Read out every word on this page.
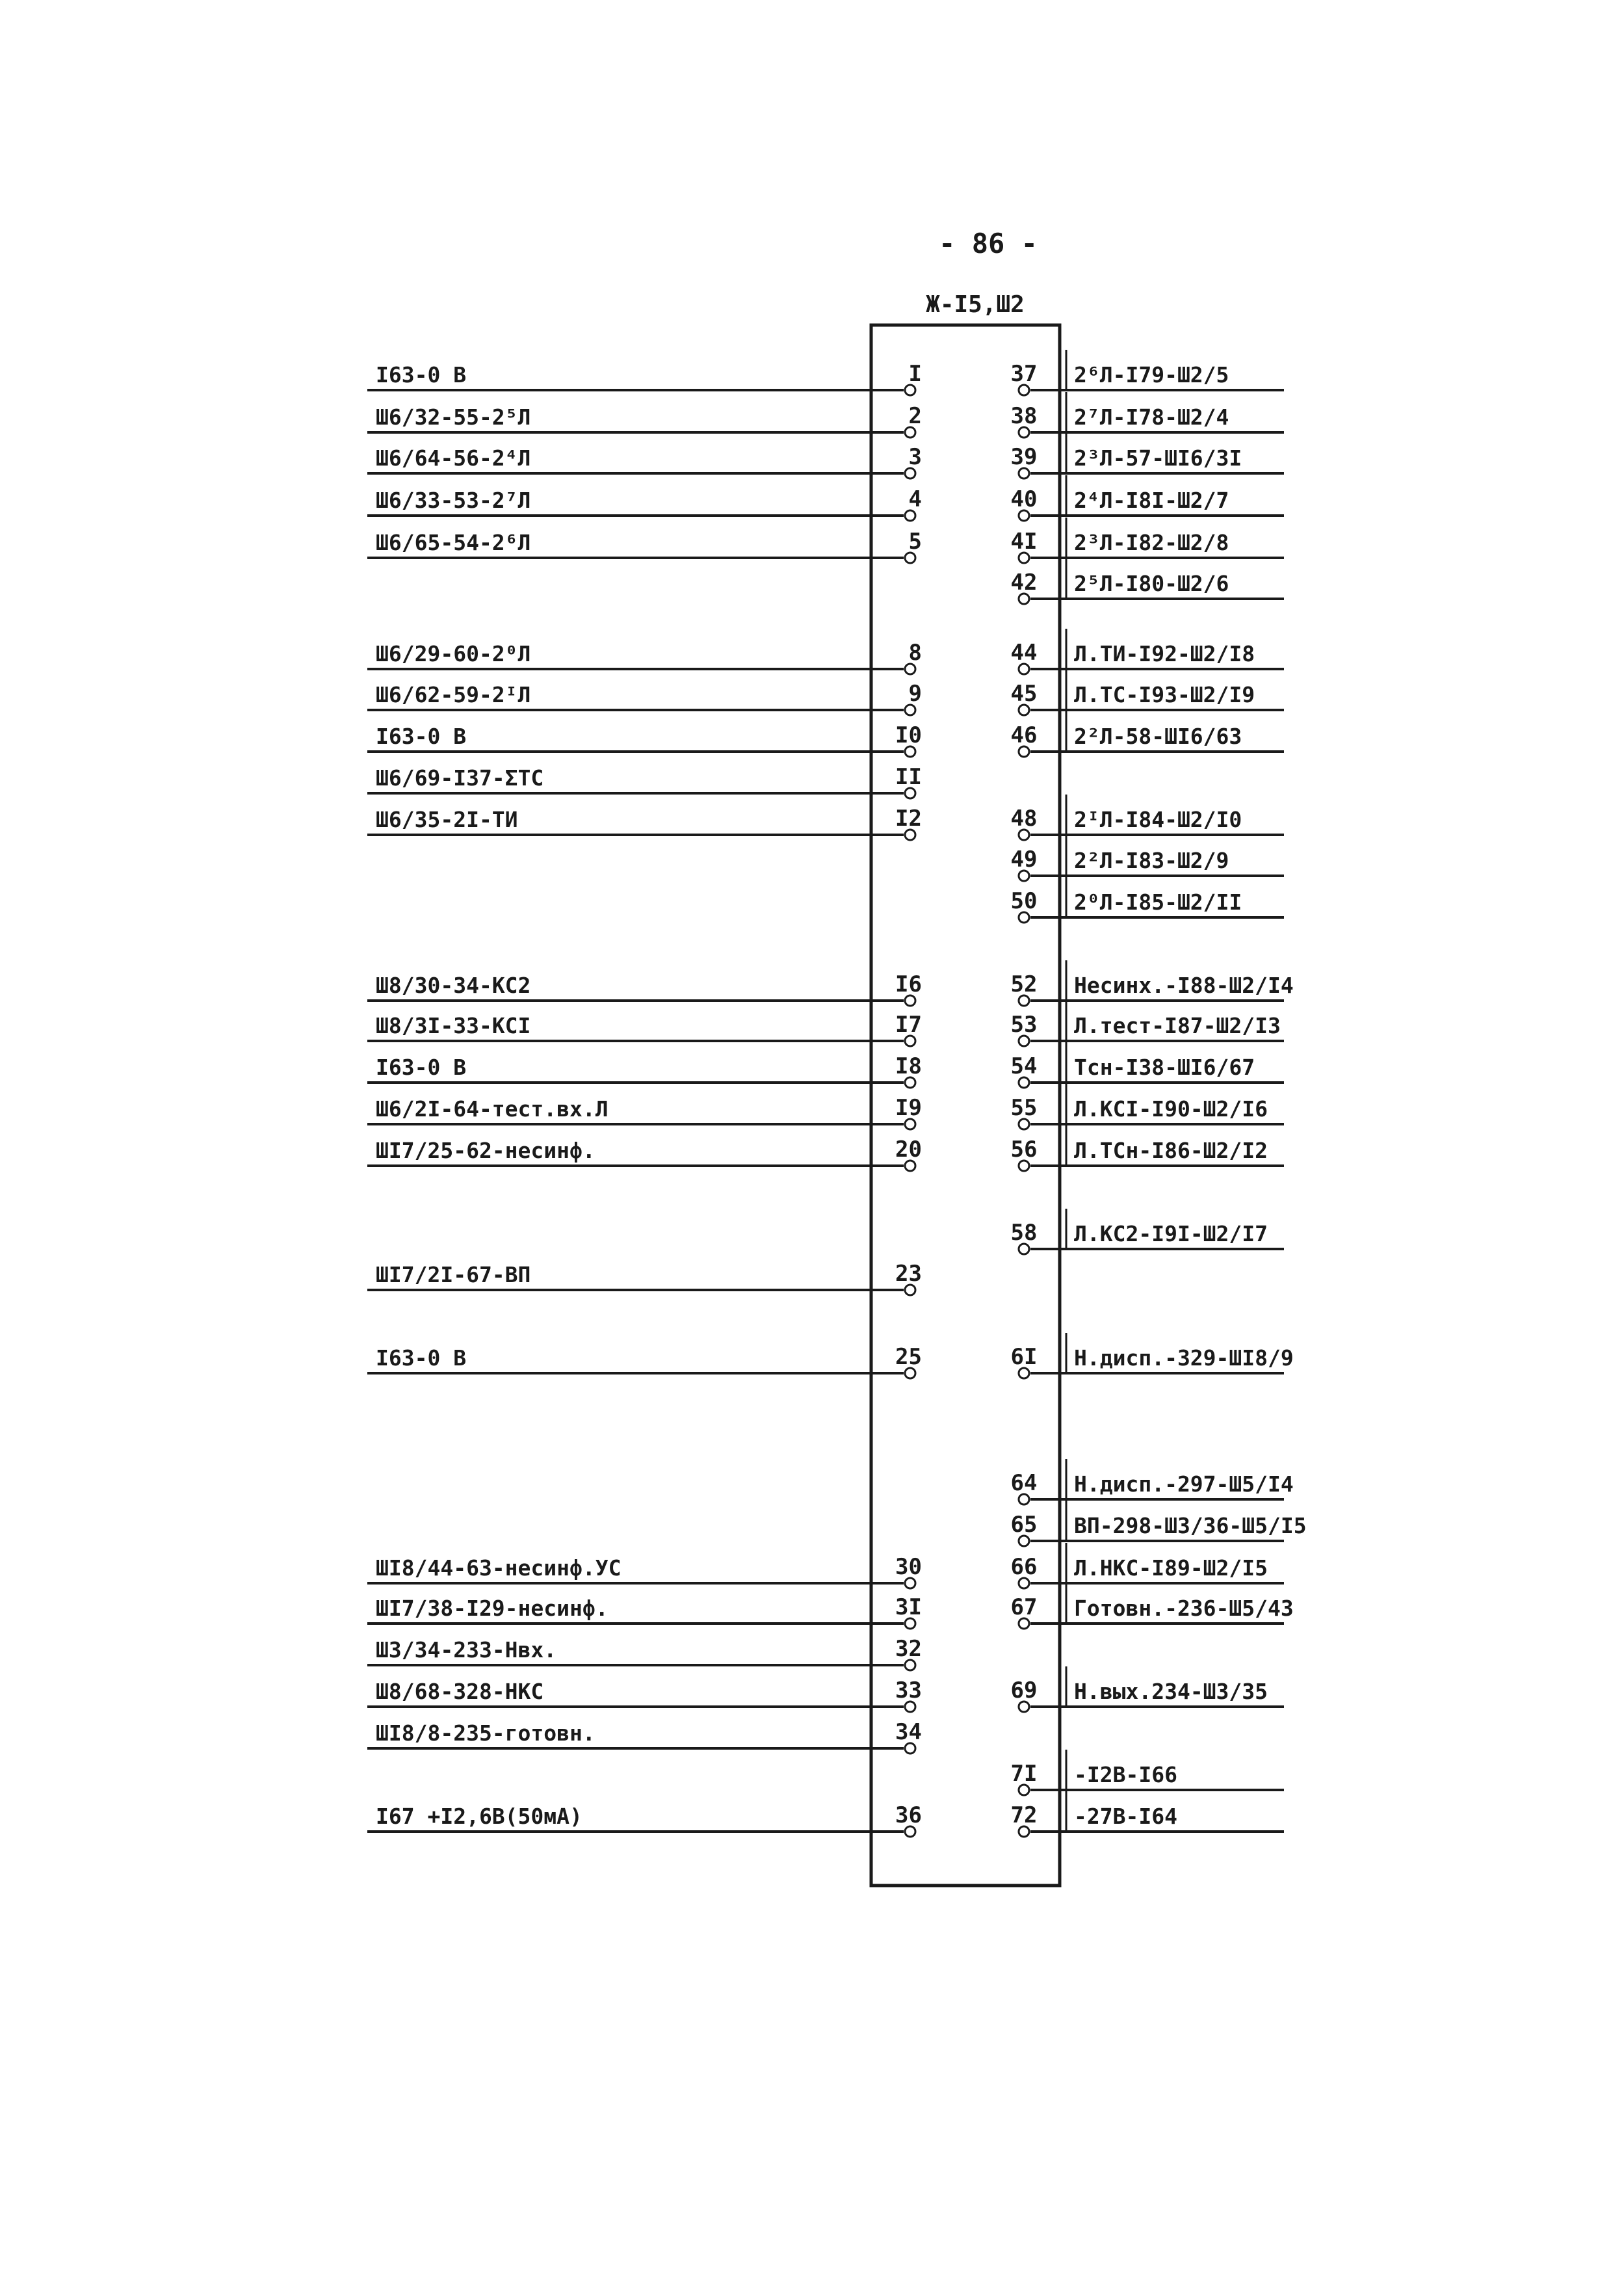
- 86 -
Ж-I5,Ш2
I63-0 B	I
Ш6/32-55-2⁵Л	2
Ш6/64-56-2⁴Л	3
Ш6/33-53-2⁷Л	4
Ш6/65-54-2⁶Л	5
Ш6/29-60-2⁰Л	8
Ш6/62-59-2ᴵЛ	9
I63-0 B	I0
Ш6/69-I37-ΣТС	II
Ш6/35-2I-ТИ	I2
Ш8/30-34-КС2	I6
Ш8/3I-33-КСI	I7
I63-0 B	I8
Ш6/2I-64-тест.вх.Л	I9
ШI7/25-62-несинф.	20
ШI7/2I-67-ВП	23
I63-0 B	25
ШI8/44-63-несинф.УС	30
ШI7/38-I29-несинф.	3I
Ш3/34-233-Нвх.	32
Ш8/68-328-НКС	33
ШI8/8-235-готовн.	34
I67 +I2,6B(50мА)	36
37 2⁶Л-I79-Ш2/5
38 2⁷Л-I78-Ш2/4
39 2³Л-57-ШI6/3I
40 2⁴Л-I8I-Ш2/7
4I 2³Л-I82-Ш2/8
42 2⁵Л-I80-Ш2/6
44 Л.ТИ-I92-Ш2/I8
45 Л.ТС-I93-Ш2/I9
46 2²Л-58-ШI6/63
48 2ᴵЛ-I84-Ш2/I0
49 2²Л-I83-Ш2/9
50 2⁰Л-I85-Ш2/II
52 Несинх.-I88-Ш2/I4
53 Л.тест-I87-Ш2/I3
54 Тсн-I38-ШI6/67
55 Л.КСI-I90-Ш2/I6
56 Л.ТСн-I86-Ш2/I2
58 Л.КС2-I9I-Ш2/I7
6I Н.дисп.-329-ШI8/9
64 Н.дисп.-297-Ш5/I4
65 ВП-298-Ш3/36-Ш5/I5
66 Л.НКС-I89-Ш2/I5
67 Готовн.-236-Ш5/43
69 Н.вых.234-Ш3/35
7I -I2B-I66
72 -27B-I64
